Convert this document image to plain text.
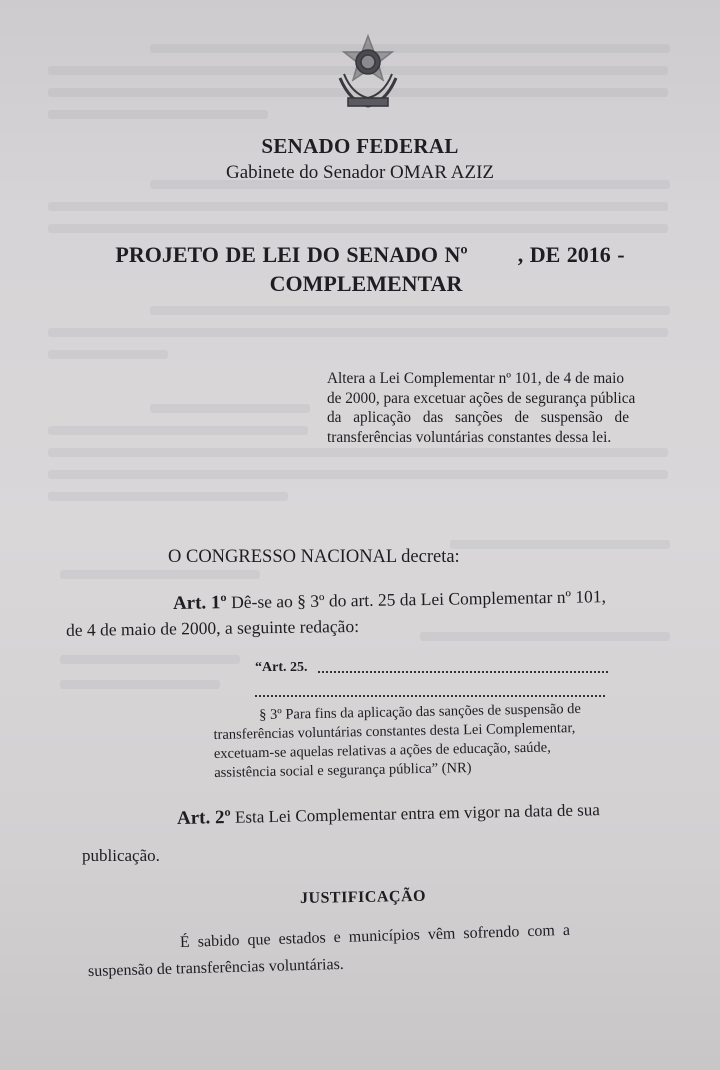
SENADO FEDERAL
Gabinete do Senador OMAR AZIZ
PROJETO DE LEI DO SENADO Nº , DE 2016 -
COMPLEMENTAR
Altera a Lei Complementar nº 101, de 4 de maio
de 2000, para excetuar ações de segurança pública
da aplicação das sanções de suspensão de
transferências voluntárias constantes dessa lei.
O CONGRESSO NACIONAL decreta:
Art. 1º Dê-se ao § 3º do art. 25 da Lei Complementar nº 101,
de 4 de maio de 2000, a seguinte redação:
“Art. 25.
§ 3º Para fins da aplicação das sanções de suspensão de
transferências voluntárias constantes desta Lei Complementar,
excetuam-se aquelas relativas a ações de educação, saúde,
assistência social e segurança pública” (NR)
Art. 2º Esta Lei Complementar entra em vigor na data de sua
publicação.
JUSTIFICAÇÃO
É sabido que estados e municípios vêm sofrendo com a
suspensão de transferências voluntárias.
